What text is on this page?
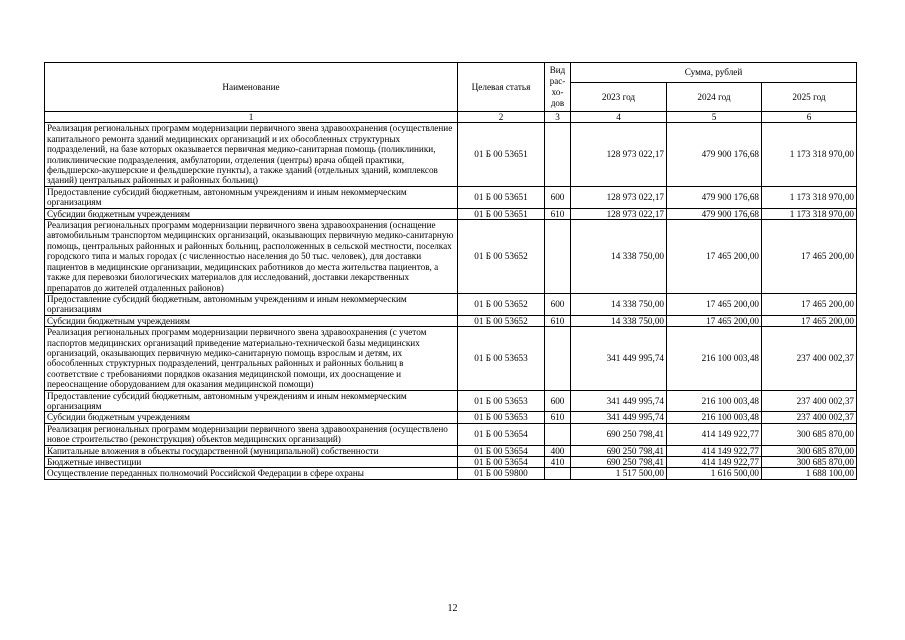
Наименование	Целевая статья	Вид рас-хо-дов	Сумма, рублей		
			2023 год	2024 год	2025 год
1	2	3	4	5	6
Реализация региональных программ модернизации первичного звена здравоохранения (осуществление капитального ремонта зданий медицинских организаций и их обособленных структурных подразделений, на базе которых оказывается первичная медико-санитарная помощь (поликлиники, поликлинические подразделения, амбулатории, отделения (центры) врача общей практики, фельдшерско-акушерские и фельдшерские пункты), а также зданий (отдельных зданий, комплексов зданий) центральных районных и районных больниц)	01 Б 00 53651		128 973 022,17	479 900 176,68	1 173 318 970,00
Предоставление субсидий бюджетным, автономным учреждениям и иным некоммерческим организациям	01 Б 00 53651	600	128 973 022,17	479 900 176,68	1 173 318 970,00
Субсидии бюджетным учреждениям	01 Б 00 53651	610	128 973 022,17	479 900 176,68	1 173 318 970,00
Реализация региональных программ модернизации первичного звена здравоохранения (оснащение автомобильным транспортом медицинских организаций, оказывающих первичную медико-санитарную помощь, центральных районных и районных больниц, расположенных в сельской местности, поселках городского типа и малых городах (с численностью населения до 50 тыс. человек), для доставки пациентов в медицинские организации, медицинских работников до места жительства пациентов, а также для перевозки биологических материалов для исследований, доставки лекарственных препаратов до жителей отдаленных районов)	01 Б 00 53652		14 338 750,00	17 465 200,00	17 465 200,00
Предоставление субсидий бюджетным, автономным учреждениям и иным некоммерческим организациям	01 Б 00 53652	600	14 338 750,00	17 465 200,00	17 465 200,00
Субсидии бюджетным учреждениям	01 Б 00 53652	610	14 338 750,00	17 465 200,00	17 465 200,00
Реализация региональных программ модернизации первичного звена здравоохранения (с учетом паспортов медицинских организаций приведение материально-технической базы медицинских организаций, оказывающих первичную медико-санитарную помощь взрослым и детям, их обособленных структурных подразделений, центральных районных и районных больниц в соответствие с требованиями порядков оказания медицинской помощи, их дооснащение и переоснащение оборудованием для оказания медицинской помощи)	01 Б 00 53653		341 449 995,74	216 100 003,48	237 400 002,37
Предоставление субсидий бюджетным, автономным учреждениям и иным некоммерческим организациям	01 Б 00 53653	600	341 449 995,74	216 100 003,48	237 400 002,37
Субсидии бюджетным учреждениям	01 Б 00 53653	610	341 449 995,74	216 100 003,48	237 400 002,37
Реализация региональных программ модернизации первичного звена здравоохранения (осуществлено новое строительство (реконструкция) объектов медицинских организаций)	01 Б 00 53654		690 250 798,41	414 149 922,77	300 685 870,00
Капитальные вложения в объекты государственной (муниципальной) собственности	01 Б 00 53654	400	690 250 798,41	414 149 922,77	300 685 870,00
Бюджетные инвестиции	01 Б 00 53654	410	690 250 798,41	414 149 922,77	300 685 870,00
Осуществление переданных полномочий Российской Федерации в сфере охраны	01 Б 00 59800		1 517 500,00	1 616 500,00	1 688 100,00
12
